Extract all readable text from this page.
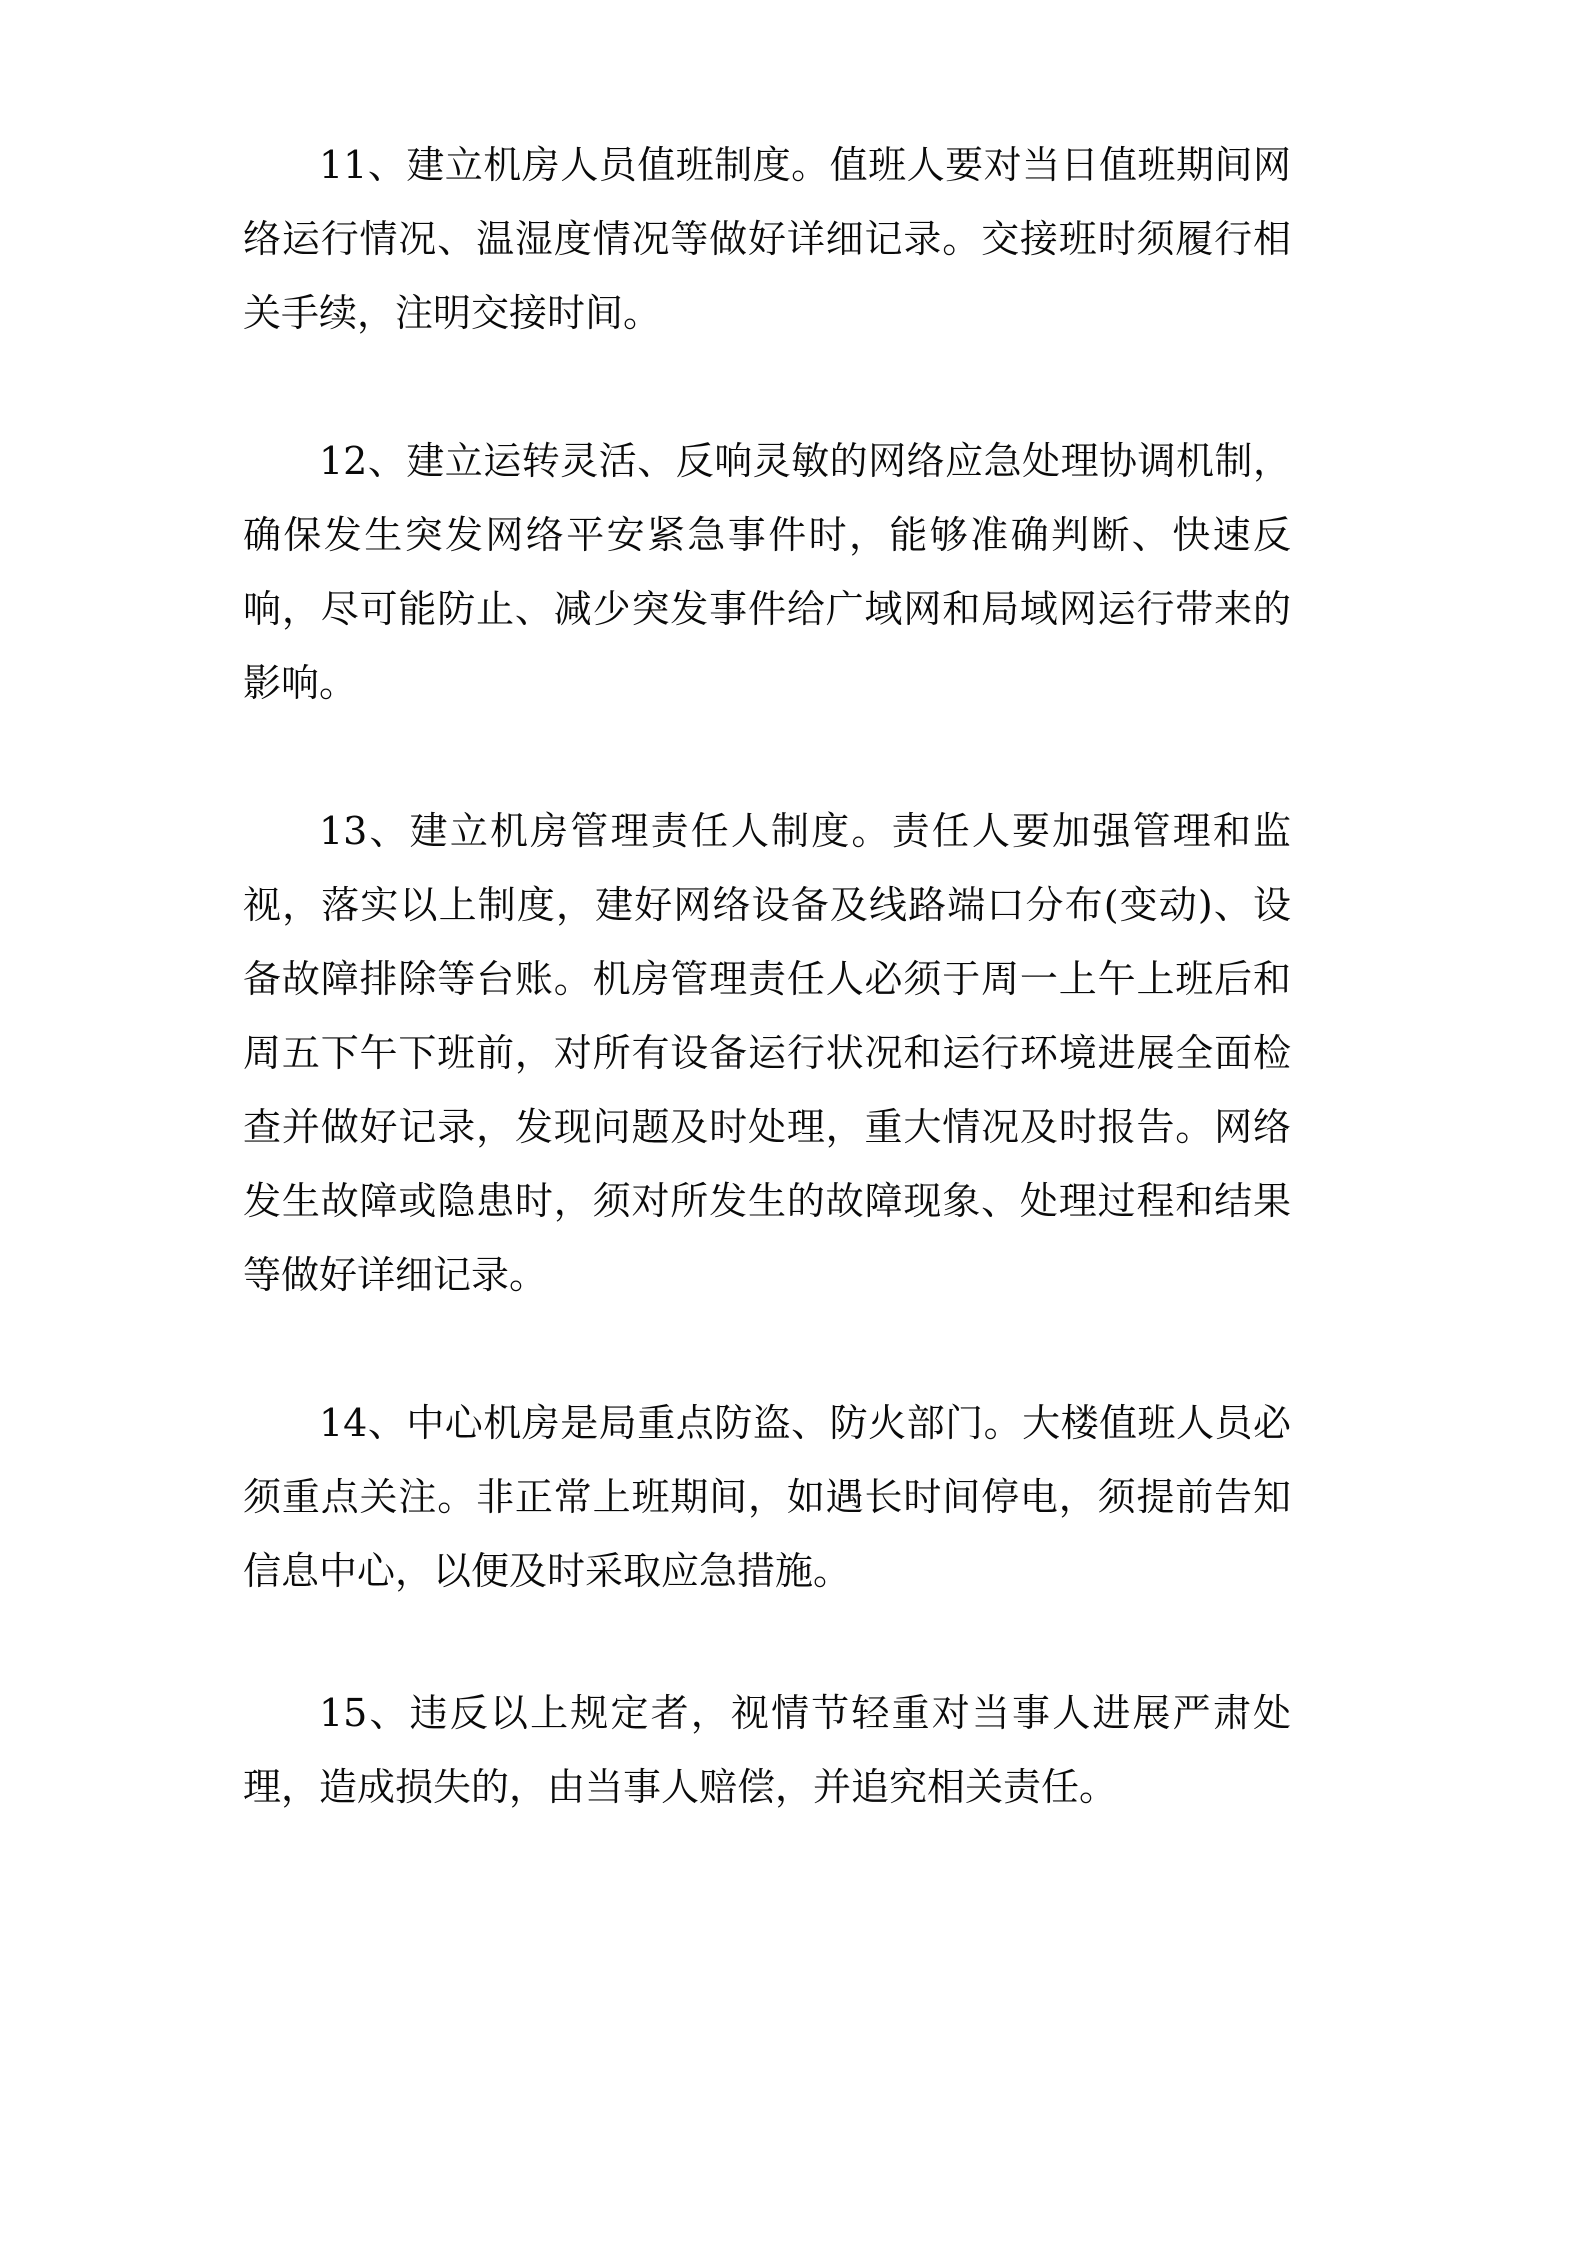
11、建立机房人员值班制度。值班人要对当日值班期间网络运行情况、温湿度情况等做好详细记录。交接班时须履行相关手续，注明交接时间。

12、建立运转灵活、反响灵敏的网络应急处理协调机制，确保发生突发网络平安紧急事件时，能够准确判断、快速反响，尽可能防止、减少突发事件给广域网和局域网运行带来的影响。

13、建立机房管理责任人制度。责任人要加强管理和监视，落实以上制度，建好网络设备及线路端口分布(变动)、设备故障排除等台账。机房管理责任人必须于周一上午上班后和周五下午下班前，对所有设备运行状况和运行环境进展全面检查并做好记录，发现问题及时处理，重大情况及时报告。网络发生故障或隐患时，须对所发生的故障现象、处理过程和结果等做好详细记录。

14、中心机房是局重点防盗、防火部门。大楼值班人员必须重点关注。非正常上班期间，如遇长时间停电，须提前告知信息中心，以便及时采取应急措施。

15、违反以上规定者，视情节轻重对当事人进展严肃处理，造成损失的，由当事人赔偿，并追究相关责任。
